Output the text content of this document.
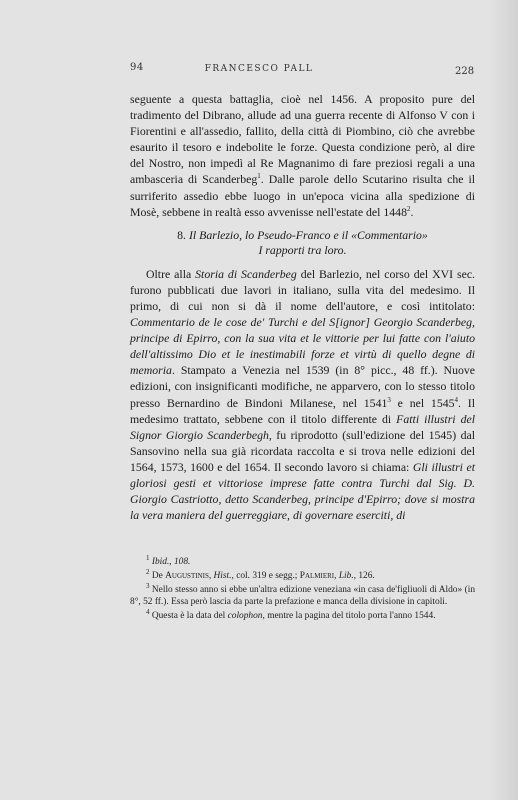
94	FRANCESCO PALL	228

seguente a questa battaglia, cioè nel 1456. A proposito pure del tradimento del Dibrano, allude ad una guerra recente di Alfonso V con i Fiorentini e all'assedio, fallito, della città di Piombino, ciò che avrebbe esaurito il tesoro e indebolite le forze. Questa condizione però, al dire del Nostro, non impedì al Re Magnanimo di fare preziosi regali a una ambasceria di Scanderbeg$^1$. Dalle parole dello Scutarino risulta che il surriferito assedio ebbe luogo in un'epoca vicina alla spedizione di Mosè, sebbene in realtà esso avvenisse nell'estate del 1448$^2$.

8. Il Barlezio, lo Pseudo-Franco e il «Commentario»
I rapporti tra loro.

Oltre alla Storia di Scanderbeg del Barlezio, nel corso del XVI sec. furono pubblicati due lavori in italiano, sulla vita del medesimo. Il primo, di cui non si dà il nome dell'autore, e così intitolato: Commentario de le cose de' Turchi e del S[ignor] Georgio Scanderbeg, principe di Epirro, con la sua vita et le vittorie per lui fatte con l'aiuto dell'altissimo Dio et le inestimabili forze et virtù di quello degne di memoria. Stampato a Venezia nel 1539 (in 8° picc., 48 ff.). Nuove edizioni, con insignificanti modifiche, ne apparvero, con lo stesso titolo presso Bernardino de Bindoni Milanese, nel 1541$^3$ e nel 1545$^4$. Il medesimo trattato, sebbene con il titolo differente di Fatti illustri del Signor Giorgio Scanderbegh, fu riprodotto (sull'edizione del 1545) dal Sansovino nella sua già ricordata raccolta e si trova nelle edizioni del 1564, 1573, 1600 e del 1654. Il secondo lavoro si chiama: Gli illustri et gloriosi gesti et vittoriose imprese fatte contra Turchi dal Sig. D. Giorgio Castriotto, detto Scanderbeg, principe d'Epirro; dove si mostra la vera maniera del guerreggiare, di governare eserciti, di

$^1$ Ibid., 108.

$^2$ De Augustinis, Hist., col. 319 e segg.; Palmieri, Lib., 126.

$^3$ Nello stesso anno si ebbe un'altra edizione veneziana «in casa de'figliuoli di Aldo» (in 8°, 52 ff.). Essa però lascia da parte la prefazione e manca della divisione in capitoli.

$^4$ Questa è la data del colophon, mentre la pagina del titolo porta l'anno 1544.
